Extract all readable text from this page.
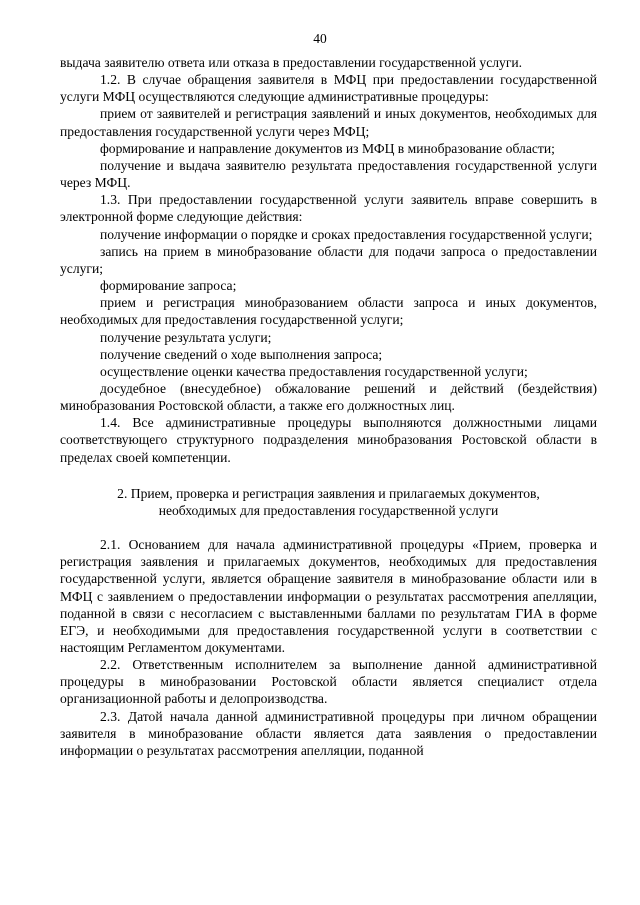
40

выдача заявителю ответа или отказа в предоставлении государственной услуги.

1.2. В случае обращения заявителя в МФЦ при предоставлении государственной услуги МФЦ осуществляются следующие административные процедуры:

прием от заявителей и регистрация заявлений и иных документов, необходимых для предоставления государственной услуги через МФЦ;

формирование и направление документов из МФЦ в минобразование области;

получение и выдача заявителю результата предоставления государственной услуги через МФЦ.

1.3. При предоставлении государственной услуги заявитель вправе совершить в электронной форме следующие действия:

получение информации о порядке и сроках предоставления государственной услуги;

запись на прием в минобразование области для подачи запроса о предоставлении услуги;

формирование запроса;

прием и регистрация минобразованием области запроса и иных документов, необходимых для предоставления государственной услуги;

получение результата услуги;

получение сведений о ходе выполнения запроса;

осуществление оценки качества предоставления государственной услуги;

досудебное (внесудебное) обжалование решений и действий (бездействия) минобразования Ростовской области, а также его должностных лиц.

1.4. Все административные процедуры выполняются должностными лицами соответствующего структурного подразделения минобразования Ростовской области в пределах своей компетенции.

2. Прием, проверка и регистрация заявления и прилагаемых документов,

необходимых для предоставления государственной услуги

2.1. Основанием для начала административной процедуры «Прием, проверка и регистрация заявления и прилагаемых документов, необходимых для предоставления государственной услуги, является обращение заявителя в минобразование области или в МФЦ с заявлением о предоставлении информации о результатах рассмотрения апелляции, поданной в связи с несогласием с выставленными баллами по результатам ГИА в форме ЕГЭ, и необходимыми для предоставления государственной услуги в соответствии с настоящим Регламентом документами.

2.2. Ответственным исполнителем за выполнение данной административной процедуры в минобразовании Ростовской области является специалист отдела организационной работы и делопроизводства.

2.3. Датой начала данной административной процедуры при личном обращении заявителя в минобразование области является дата заявления о предоставлении информации о результатах рассмотрения апелляции, поданной
